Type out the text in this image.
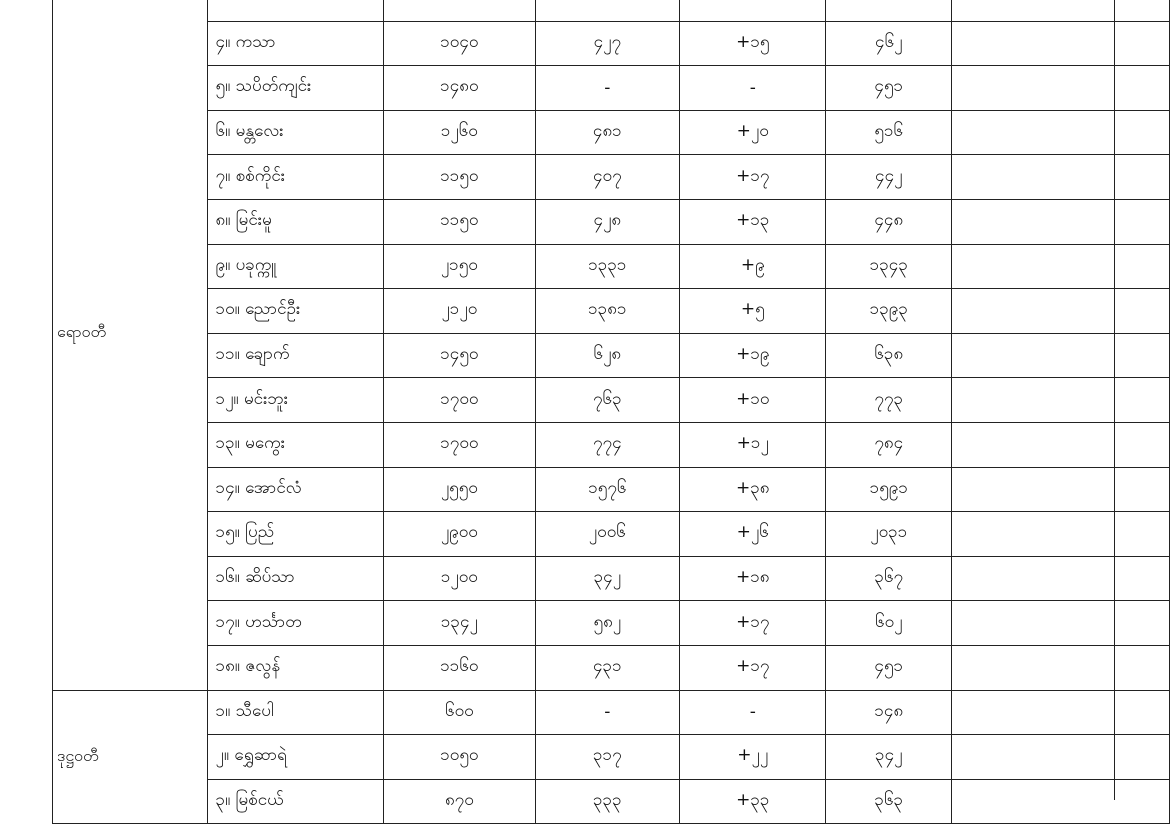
ရောဝတီ						
	၄။ ကသာ	၁၀၄၀	၄၂၇	+၁၅	၄၆၂	
	၅။ သပိတ်ကျင်း	၁၄၈၀	-	-	၄၅၁	
	၆။ မန္တလေး	၁၂၆၀	၄၈၁	+၂၀	၅၁၆	
	၇။ စစ်ကိုင်း	၁၁၅၀	၄၀၇	+၁၇	၄၄၂	
	၈။ မြင်းမူ	၁၁၅၀	၄၂၈	+၁၃	၄၄၈	
	၉။ ပခုက္ကူ	၂၁၅၀	၁၃၃၁	+၉	၁၃၄၃	
	၁၀။ ညောင်ဦး	၂၁၂၀	၁၃၈၁	+၅	၁၃၉၃	
	၁၁။ ချောက်	၁၄၅၀	၆၂၈	+၁၉	၆၃၈	
	၁၂။ မင်းဘူး	၁၇၀၀	၇၆၃	+၁၀	၇၇၃	
	၁၃။ မကွေး	၁၇၀၀	၇၇၄	+၁၂	၇၈၄	
	၁၄။ အောင်လံ	၂၅၅၀	၁၅၇၆	+၃၈	၁၅၉၁	
	၁၅။ ပြည်	၂၉၀၀	၂၀၀၆	+၂၆	၂၀၃၁	
	၁၆။ ဆိပ်သာ	၁၂၀၀	၃၄၂	+၁၈	၃၆၇	
	၁၇။ ဟင်္သာတ	၁၃၄၂	၅၈၂	+၁၇	၆၀၂	
	၁၈။ ဇလွန်	၁၁၆၀	၄၃၁	+၁၇	၄၅၁	
ဒုဋ္ဌဝတီ	၁။ သီပေါ	၆၀၀	-	-	၁၄၈	
	၂။ ရွှေဆာရဲ	၁၀၅၀	၃၁၇	+၂၂	၃၄၂	
	၃။ မြစ်ငယ်	၈၇၀	၃၃၃	+၃၃	၃၆၃	
